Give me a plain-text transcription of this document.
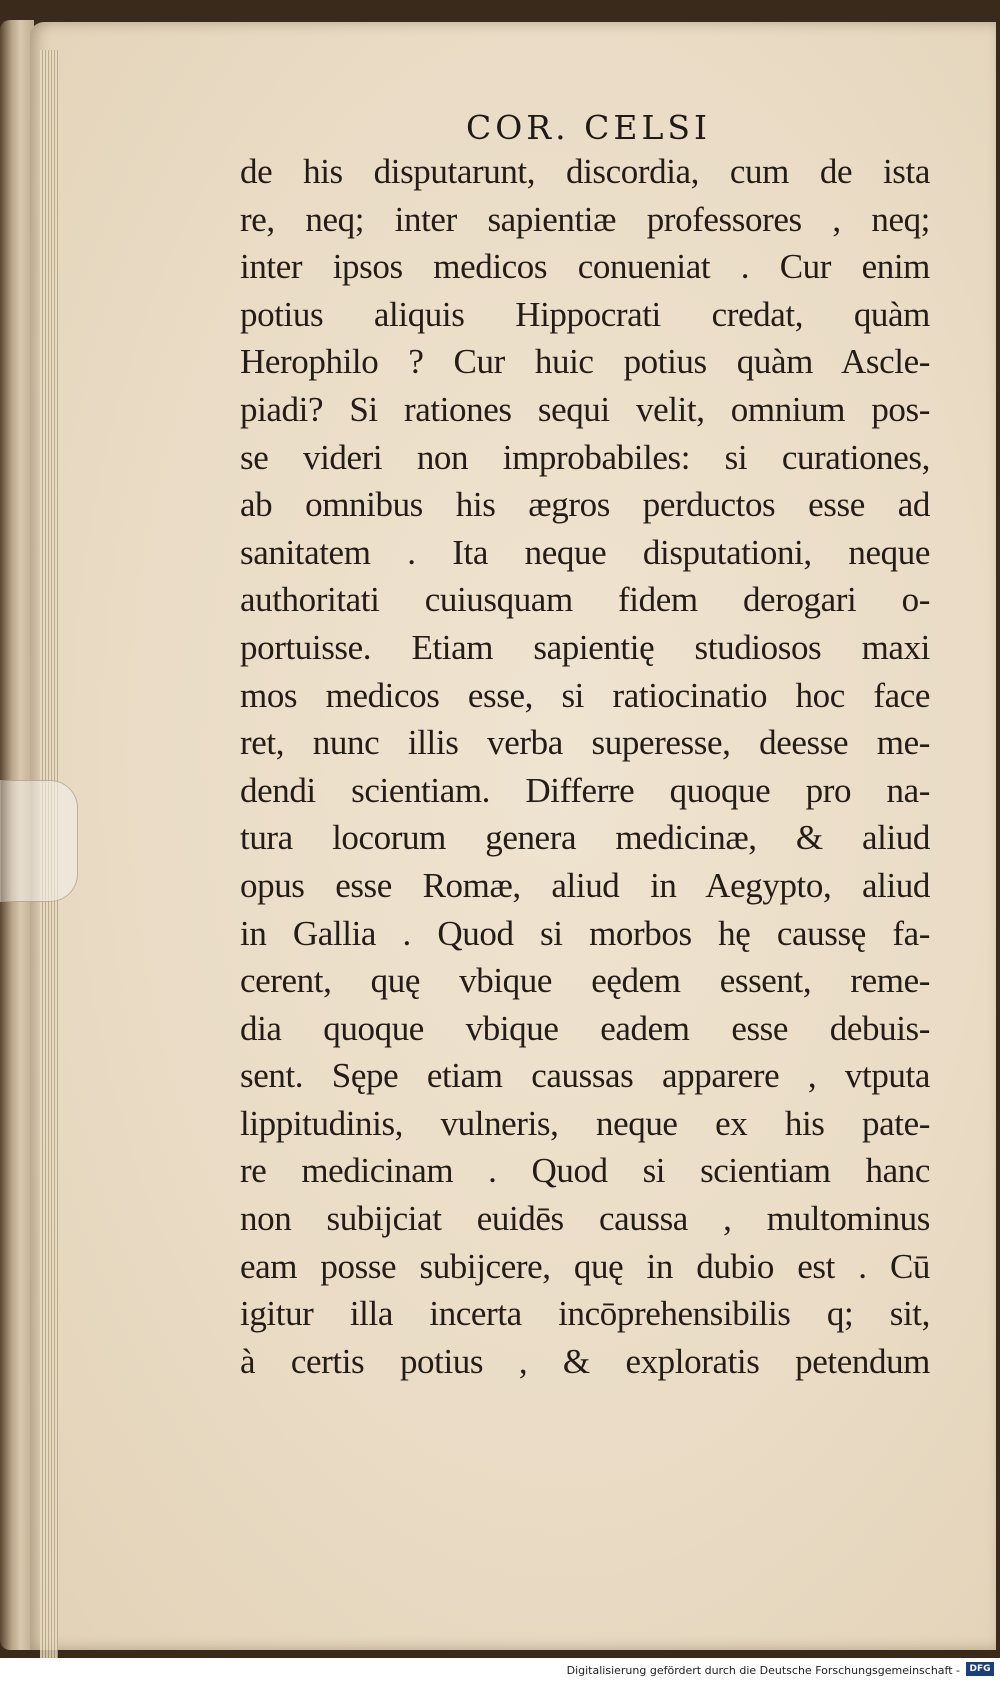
COR. CELSI
de his disputarunt, discordia, cum de ista
re, neq; inter sapientiæ professores , neq;
inter ipsos medicos conueniat . Cur enim
potius aliquis Hippocrati credat, quàm
Herophilo ? Cur huic potius quàm Ascle-
piadi? Si rationes sequi velit, omnium pos-
se videri non improbabiles: si curationes,
ab omnibus his ægros perductos esse ad
sanitatem . Ita neque disputationi, neque
authoritati cuiusquam fidem derogari o-
portuisse. Etiam sapientię studiosos maxi
mos medicos esse, si ratiocinatio hoc face
ret, nunc illis verba superesse, deesse me-
dendi scientiam. Differre quoque pro na-
tura locorum genera medicinæ, & aliud
opus esse Romæ, aliud in Aegypto, aliud
in Gallia . Quod si morbos hę caussę fa-
cerent, quę vbique eędem essent, reme-
dia quoque vbique eadem esse debuis-
sent. Sępe etiam caussas apparere , vtputa
lippitudinis, vulneris, neque ex his pate-
re medicinam . Quod si scientiam hanc
non subijciat euidēs caussa , multominus
eam posse subijcere, quę in dubio est . Cū
igitur illa incerta incōprehensibilis q; sit,
à certis potius , & exploratis petendum
Digitalisierung gefördert durch die Deutsche Forschungsgemeinschaft -	DFG
